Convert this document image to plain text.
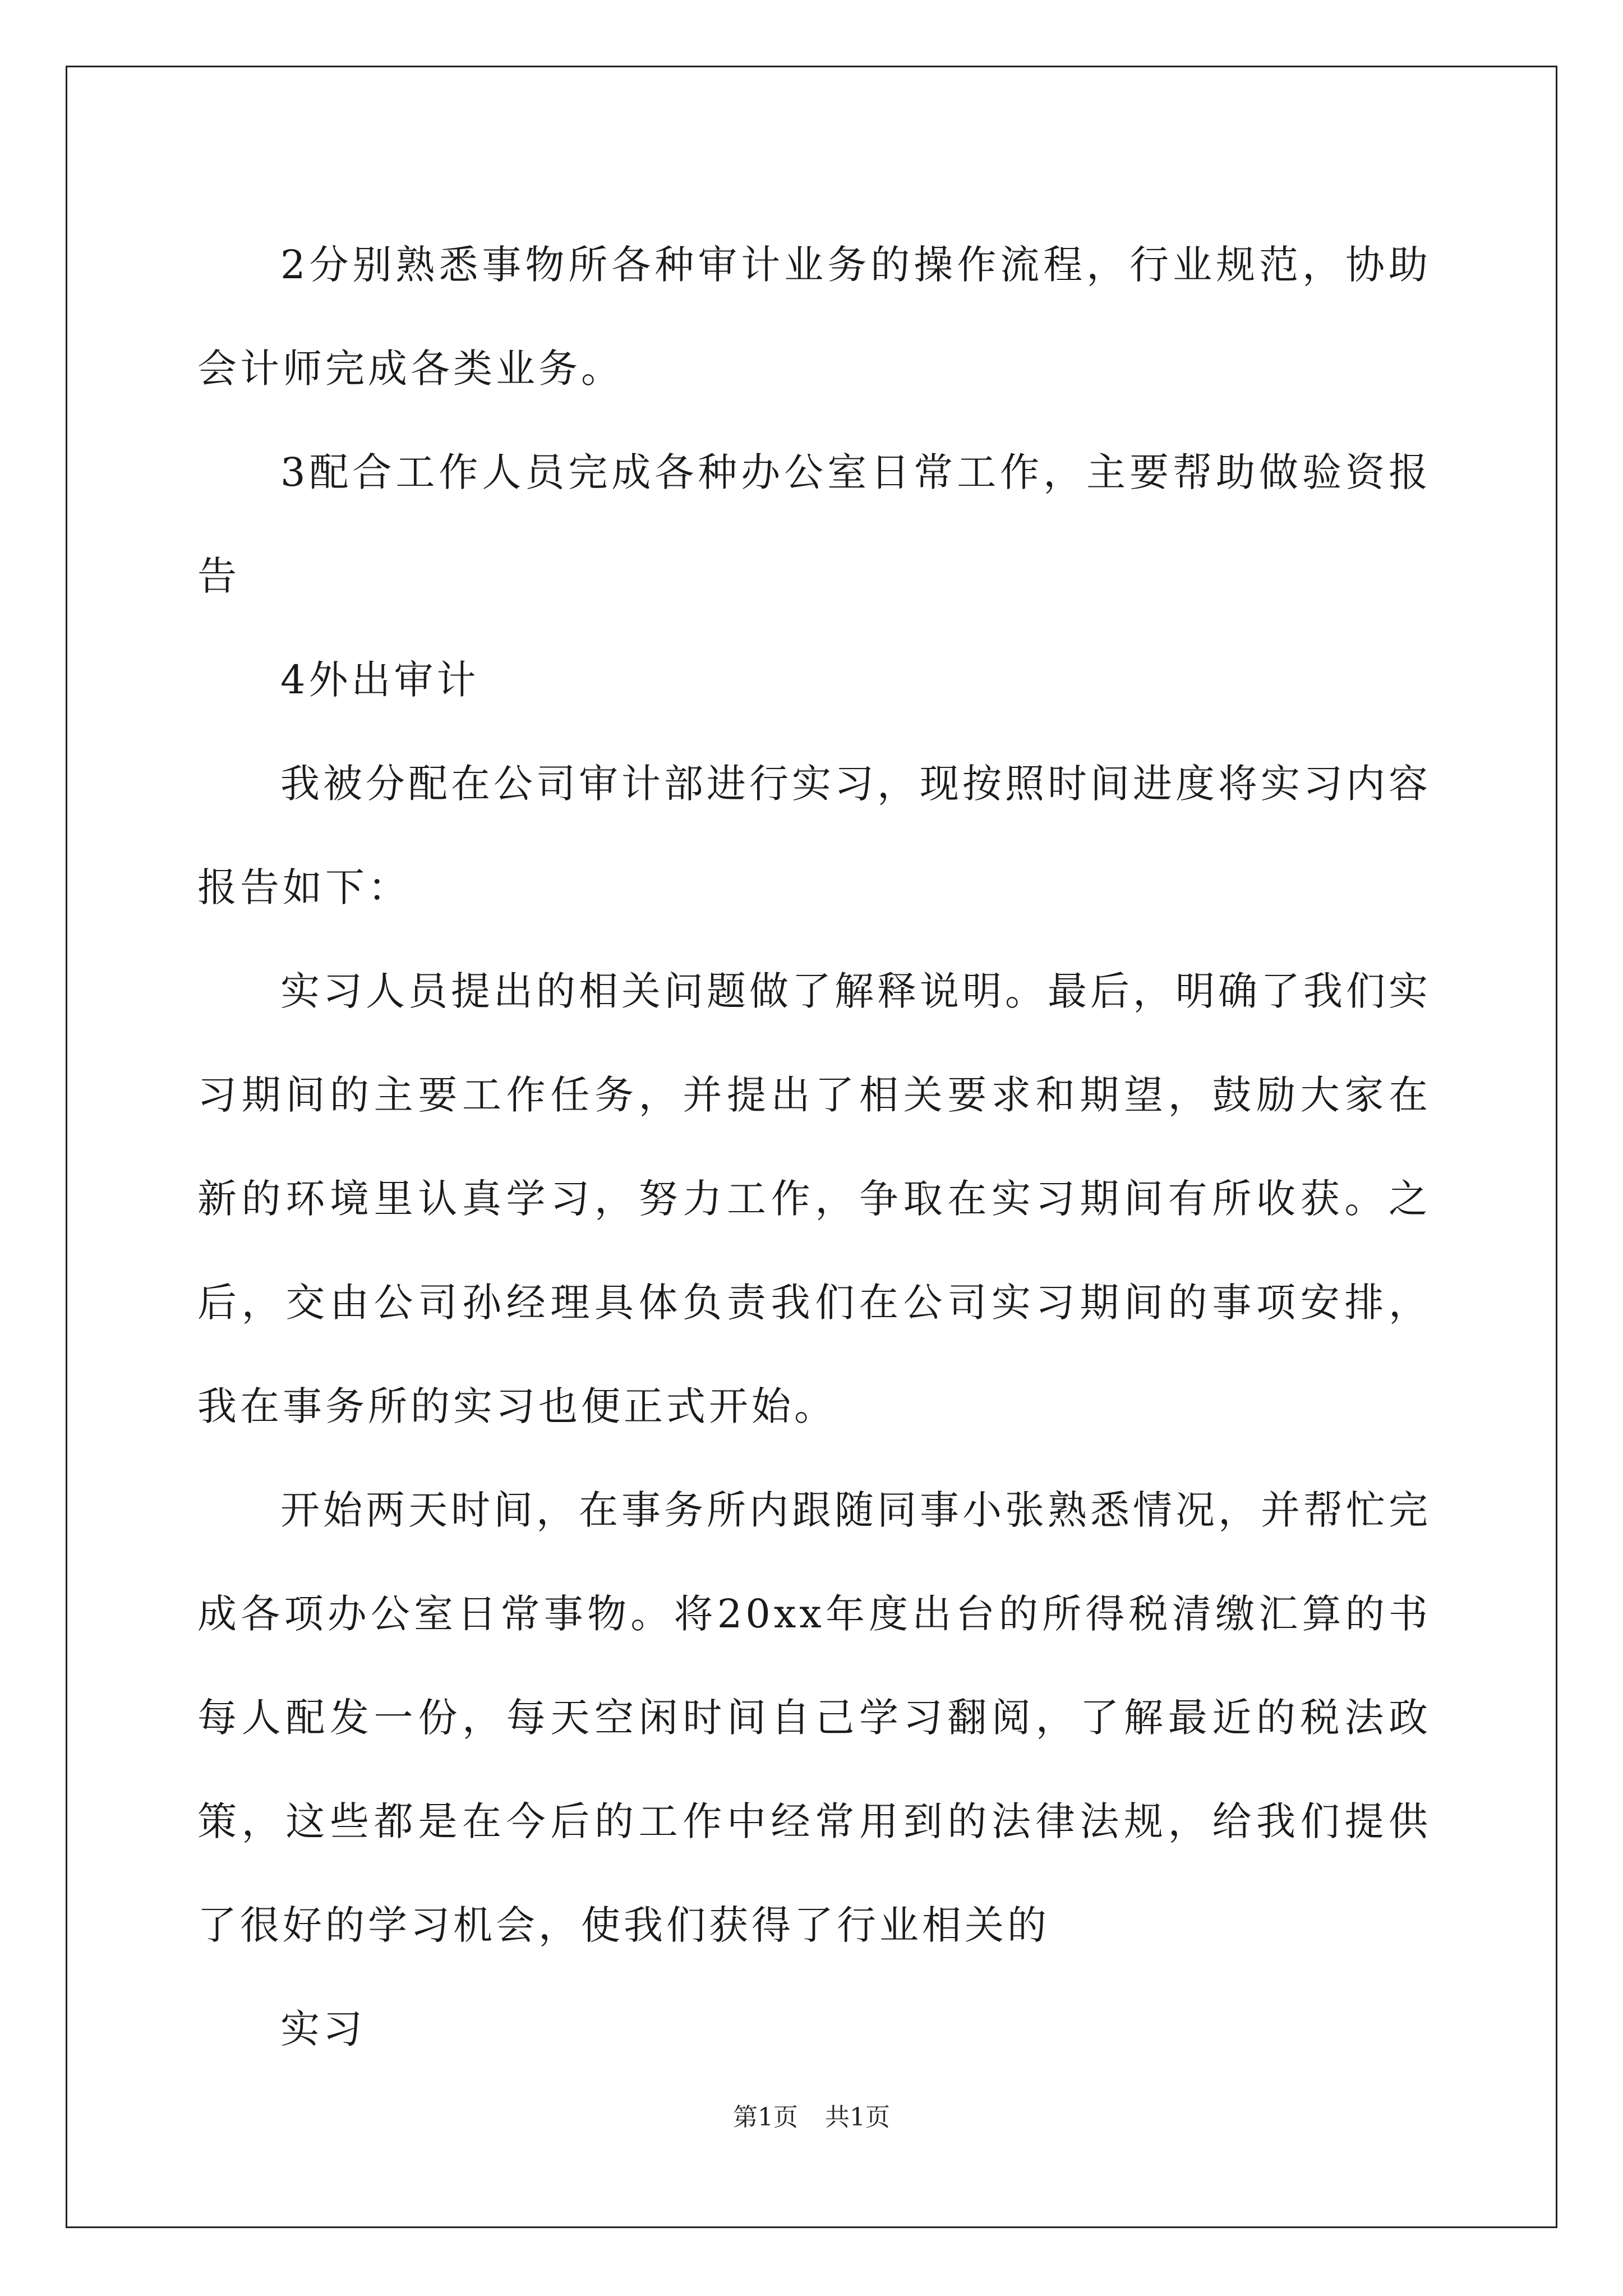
2分别熟悉事物所各种审计业务的操作流程，行业规范，协助会计师完成各类业务。

3配合工作人员完成各种办公室日常工作，主要帮助做验资报告

4外出审计

我被分配在公司审计部进行实习，现按照时间进度将实习内容报告如下：

实习人员提出的相关问题做了解释说明。最后，明确了我们实习期间的主要工作任务，并提出了相关要求和期望，鼓励大家在新的环境里认真学习，努力工作，争取在实习期间有所收获。之后，交由公司孙经理具体负责我们在公司实习期间的事项安排，我在事务所的实习也便正式开始。

开始两天时间，在事务所内跟随同事小张熟悉情况，并帮忙完成各项办公室日常事物。将20xx年度出台的所得税清缴汇算的书每人配发一份，每天空闲时间自己学习翻阅，了解最近的税法政策，这些都是在今后的工作中经常用到的法律法规，给我们提供了很好的学习机会，使我们获得了行业相关的

实习

第1页 共1页
